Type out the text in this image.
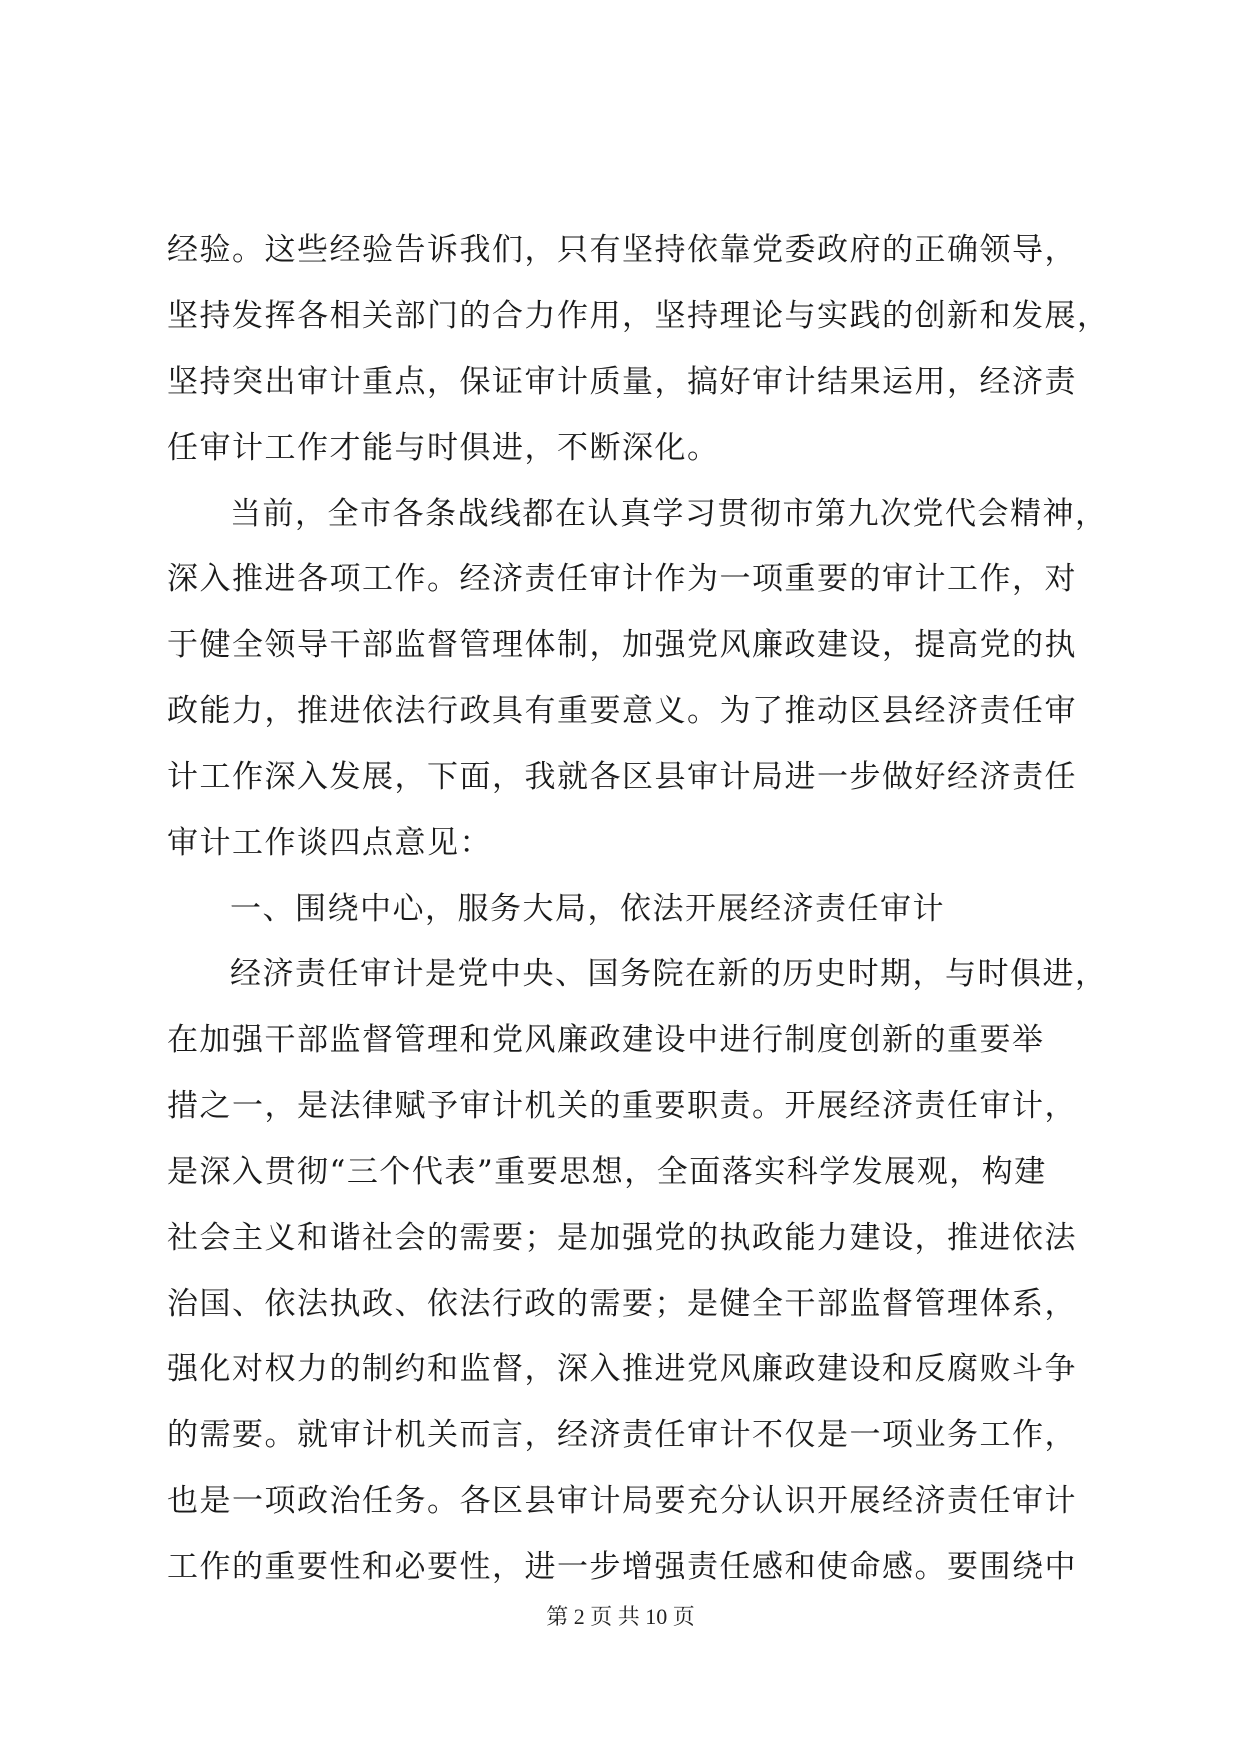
经验。这些经验告诉我们，只有坚持依靠党委政府的正确领导，
坚持发挥各相关部门的合力作用，坚持理论与实践的创新和发展，
坚持突出审计重点，保证审计质量，搞好审计结果运用，经济责
任审计工作才能与时俱进，不断深化。
当前，全市各条战线都在认真学习贯彻市第九次党代会精神，
深入推进各项工作。经济责任审计作为一项重要的审计工作，对
于健全领导干部监督管理体制，加强党风廉政建设，提高党的执
政能力，推进依法行政具有重要意义。为了推动区县经济责任审
计工作深入发展，下面，我就各区县审计局进一步做好经济责任
审计工作谈四点意见：
一、围绕中心，服务大局，依法开展经济责任审计
经济责任审计是党中央、国务院在新的历史时期，与时俱进，
在加强干部监督管理和党风廉政建设中进行制度创新的重要举
措之一，是法律赋予审计机关的重要职责。开展经济责任审计，
是深入贯彻“三个代表”重要思想，全面落实科学发展观，构建
社会主义和谐社会的需要；是加强党的执政能力建设，推进依法
治国、依法执政、依法行政的需要；是健全干部监督管理体系，
强化对权力的制约和监督，深入推进党风廉政建设和反腐败斗争
的需要。就审计机关而言，经济责任审计不仅是一项业务工作，
也是一项政治任务。各区县审计局要充分认识开展经济责任审计
工作的重要性和必要性，进一步增强责任感和使命感。要围绕中
第 2 页 共 10 页
